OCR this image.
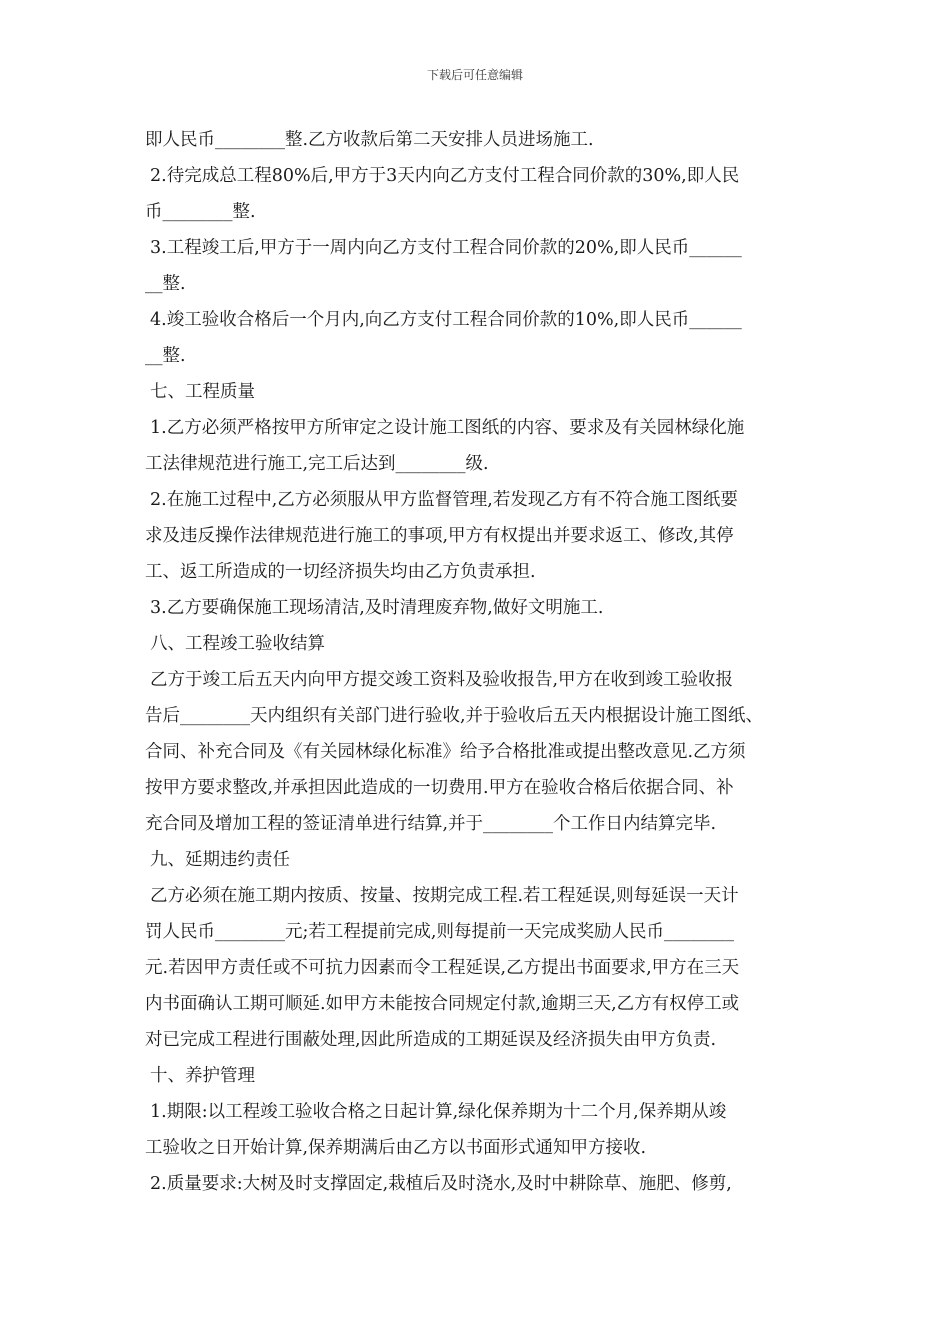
下载后可任意编辑
即人民币________整.乙方收款后第二天安排人员进场施工.
2.待完成总工程80%后,甲方于3天内向乙方支付工程合同价款的30%,即人民
币________整.
3.工程竣工后,甲方于一周内向乙方支付工程合同价款的20%,即人民币______
__整.
4.竣工验收合格后一个月内,向乙方支付工程合同价款的10%,即人民币______
__整.
七、工程质量
1.乙方必须严格按甲方所审定之设计施工图纸的内容、要求及有关园林绿化施
工法律规范进行施工,完工后达到________级.
2.在施工过程中,乙方必须服从甲方监督管理,若发现乙方有不符合施工图纸要
求及违反操作法律规范进行施工的事项,甲方有权提出并要求返工、修改,其停
工、返工所造成的一切经济损失均由乙方负责承担.
3.乙方要确保施工现场清洁,及时清理废弃物,做好文明施工.
八、工程竣工验收结算
乙方于竣工后五天内向甲方提交竣工资料及验收报告,甲方在收到竣工验收报
告后________天内组织有关部门进行验收,并于验收后五天内根据设计施工图纸、
合同、补充合同及《有关园林绿化标准》给予合格批准或提出整改意见.乙方须
按甲方要求整改,并承担因此造成的一切费用.甲方在验收合格后依据合同、补
充合同及增加工程的签证清单进行结算,并于________个工作日内结算完毕.
九、延期违约责任
乙方必须在施工期内按质、按量、按期完成工程.若工程延误,则每延误一天计
罚人民币________元;若工程提前完成,则每提前一天完成奖励人民币________
元.若因甲方责任或不可抗力因素而令工程延误,乙方提出书面要求,甲方在三天
内书面确认工期可顺延.如甲方未能按合同规定付款,逾期三天,乙方有权停工或
对已完成工程进行围蔽处理,因此所造成的工期延误及经济损失由甲方负责.
十、养护管理
1.期限:以工程竣工验收合格之日起计算,绿化保养期为十二个月,保养期从竣
工验收之日开始计算,保养期满后由乙方以书面形式通知甲方接收.
2.质量要求:大树及时支撑固定,栽植后及时浇水,及时中耕除草、施肥、修剪,
